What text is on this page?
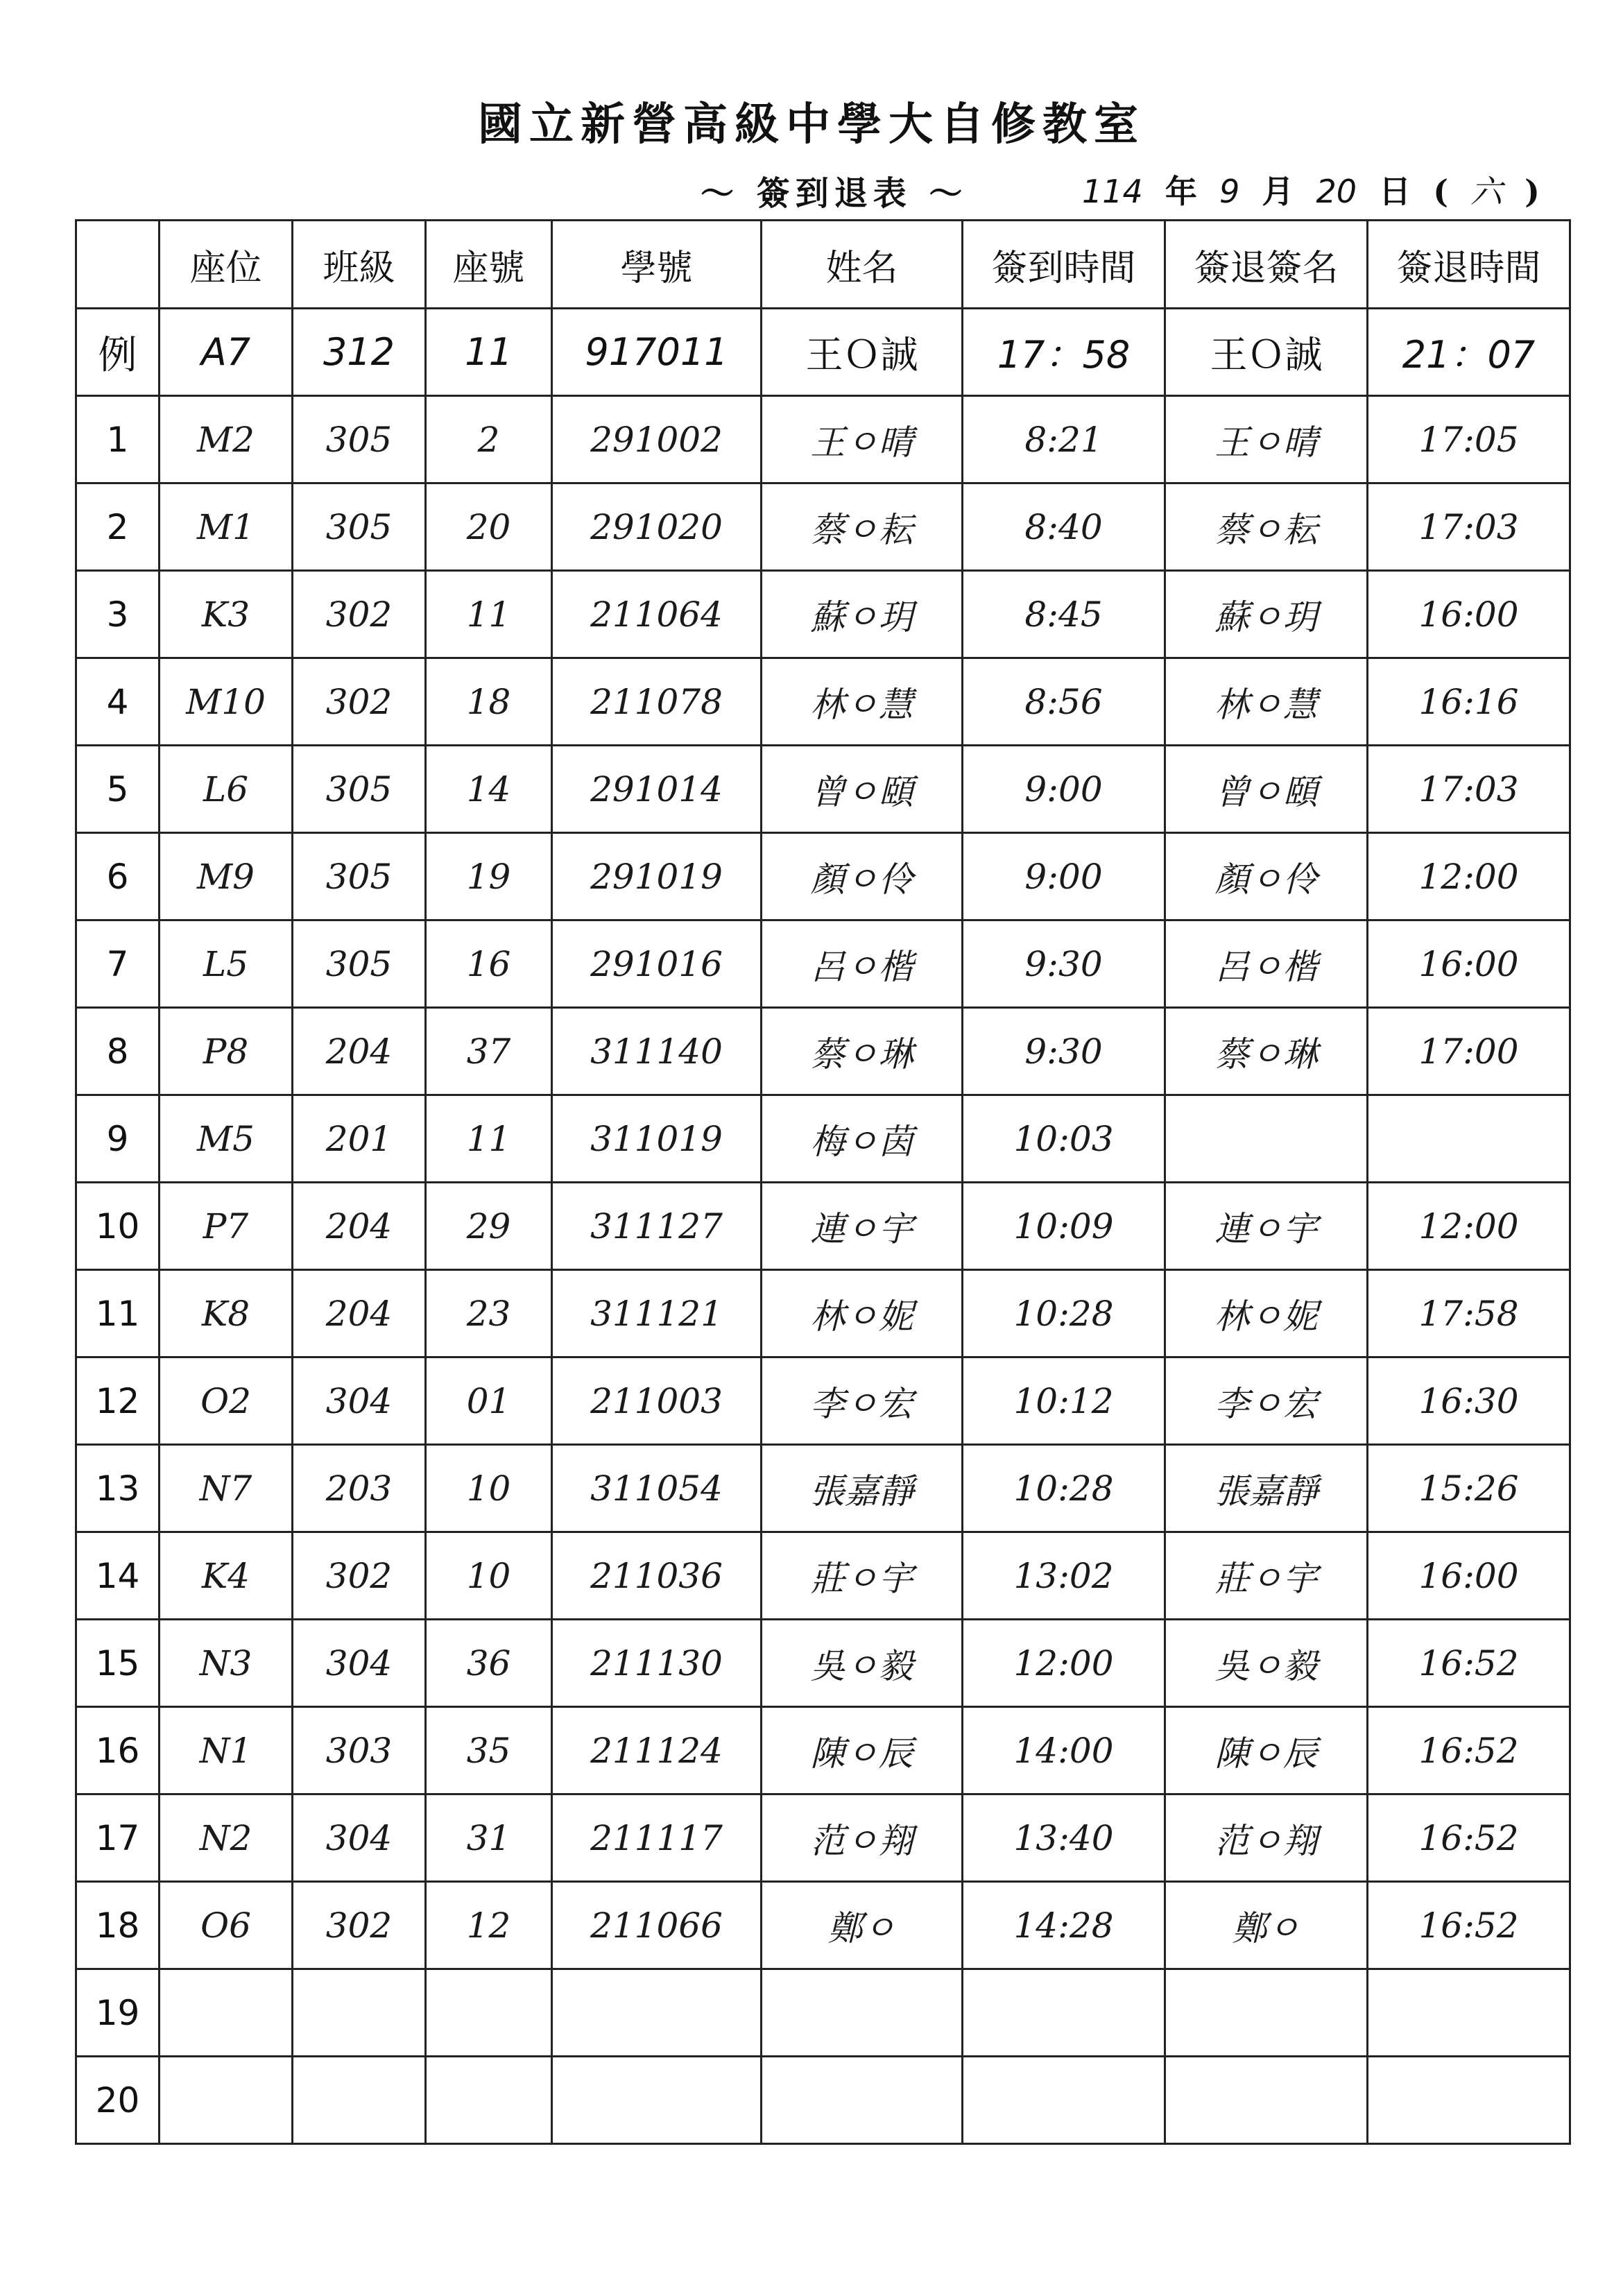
國立新營高級中學大自修教室
～ 簽到退表 ～	114 年 9 月 20 日 ( 六 )
	座位	班級	座號	學號	姓名	簽到時間	簽退簽名	簽退時間
例	A7	312	11	917011	王Ｏ誠	17：58	王Ｏ誠	21：07
1	M2	305	2	291002	王ㅇ晴	8:21	王ㅇ晴	17:05
2	M1	305	20	291020	蔡ㅇ耘	8:40	蔡ㅇ耘	17:03
3	K3	302	11	211064	蘇ㅇ玥	8:45	蘇ㅇ玥	16:00
4	M10	302	18	211078	林ㅇ慧	8:56	林ㅇ慧	16:16
5	L6	305	14	291014	曾ㅇ頤	9:00	曾ㅇ頤	17:03
6	M9	305	19	291019	顏ㅇ伶	9:00	顏ㅇ伶	12:00
7	L5	305	16	291016	呂ㅇ楷	9:30	呂ㅇ楷	16:00
8	P8	204	37	311140	蔡ㅇ琳	9:30	蔡ㅇ琳	17:00
9	M5	201	11	311019	梅ㅇ茵	10:03		
10	P7	204	29	311127	連ㅇ宇	10:09	連ㅇ宇	12:00
11	K8	204	23	311121	林ㅇ妮	10:28	林ㅇ妮	17:58
12	O2	304	01	211003	李ㅇ宏	10:12	李ㅇ宏	16:30
13	N7	203	10	311054	張嘉靜	10:28	張嘉靜	15:26
14	K4	302	10	211036	莊ㅇ宇	13:02	莊ㅇ宇	16:00
15	N3	304	36	211130	吳ㅇ毅	12:00	吳ㅇ毅	16:52
16	N1	303	35	211124	陳ㅇ辰	14:00	陳ㅇ辰	16:52
17	N2	304	31	211117	范ㅇ翔	13:40	范ㅇ翔	16:52
18	O6	302	12	211066	鄭ㅇ	14:28	鄭ㅇ	16:52
19								
20								
